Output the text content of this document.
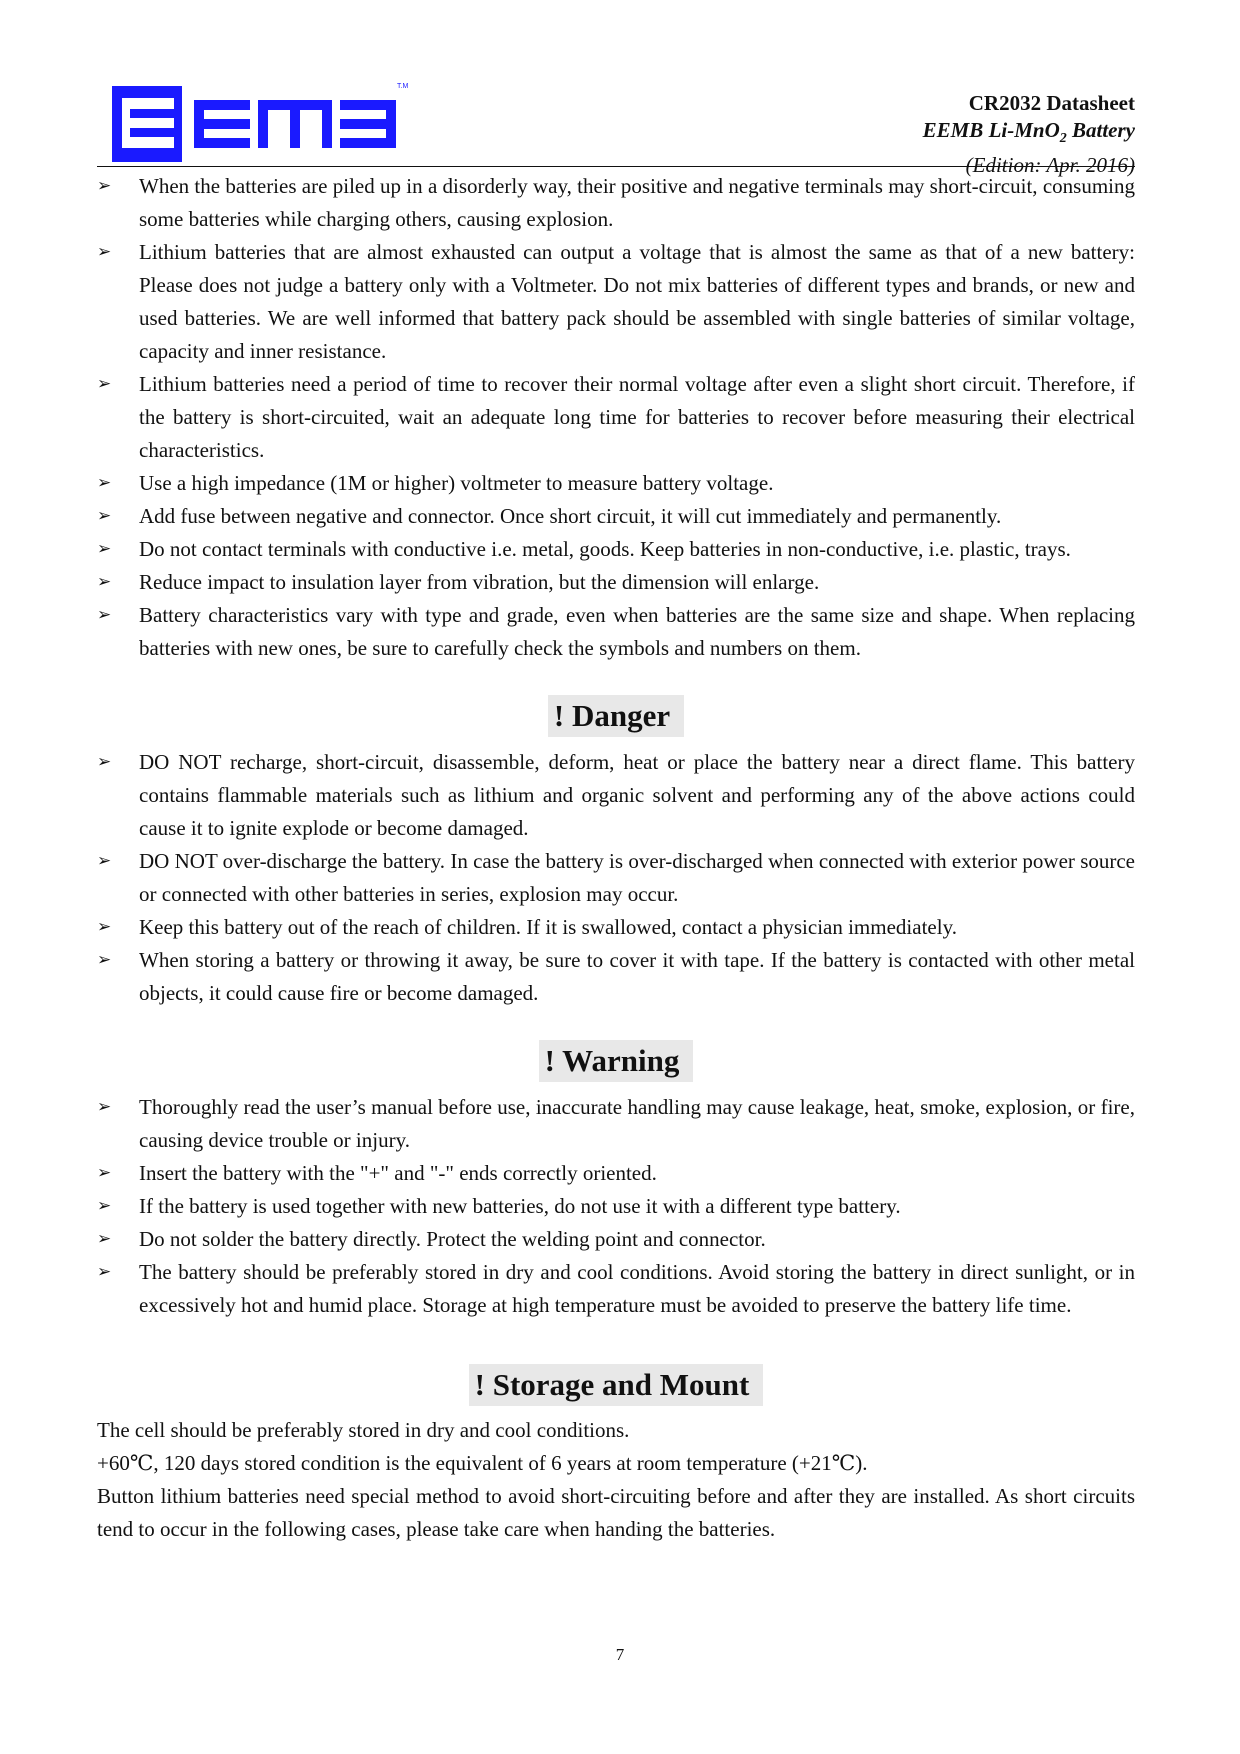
T.M
CR2032 Datasheet
EEMB Li-MnO$_2$ Battery
(Edition: Apr. 2016)
➢ When the batteries are piled up in a disorderly way, their positive and negative terminals may short-circuit, consuming some batteries while charging others, causing explosion.
➢ Lithium batteries that are almost exhausted can output a voltage that is almost the same as that of a new battery: Please does not judge a battery only with a Voltmeter. Do not mix batteries of different types and brands, or new and used batteries. We are well informed that battery pack should be assembled with single batteries of similar voltage, capacity and inner resistance.
➢ Lithium batteries need a period of time to recover their normal voltage after even a slight short circuit. Therefore, if the battery is short-circuited, wait an adequate long time for batteries to recover before measuring their electrical characteristics.
➢ Use a high impedance (1M or higher) voltmeter to measure battery voltage.
➢ Add fuse between negative and connector. Once short circuit, it will cut immediately and permanently.
➢ Do not contact terminals with conductive i.e. metal, goods. Keep batteries in non-conductive, i.e. plastic, trays.
➢ Reduce impact to insulation layer from vibration, but the dimension will enlarge.
➢ Battery characteristics vary with type and grade, even when batteries are the same size and shape. When replacing batteries with new ones, be sure to carefully check the symbols and numbers on them.
! Danger
➢ DO NOT recharge, short-circuit, disassemble, deform, heat or place the battery near a direct flame. This battery contains flammable materials such as lithium and organic solvent and performing any of the above actions could cause it to ignite explode or become damaged.
➢ DO NOT over-discharge the battery. In case the battery is over-discharged when connected with exterior power source or connected with other batteries in series, explosion may occur.
➢ Keep this battery out of the reach of children. If it is swallowed, contact a physician immediately.
➢ When storing a battery or throwing it away, be sure to cover it with tape. If the battery is contacted with other metal objects, it could cause fire or become damaged.
! Warning
➢ Thoroughly read the user’s manual before use, inaccurate handling may cause leakage, heat, smoke, explosion, or fire, causing device trouble or injury.
➢ Insert the battery with the "+" and "-" ends correctly oriented.
➢ If the battery is used together with new batteries, do not use it with a different type battery.
➢ Do not solder the battery directly. Protect the welding point and connector.
➢ The battery should be preferably stored in dry and cool conditions. Avoid storing the battery in direct sunlight, or in excessively hot and humid place. Storage at high temperature must be avoided to preserve the battery life time.
! Storage and Mount

The cell should be preferably stored in dry and cool conditions.

+60℃, 120 days stored condition is the equivalent of 6 years at room temperature (+21℃).

Button lithium batteries need special method to avoid short-circuiting before and after they are installed. As short circuits tend to occur in the following cases, please take care when handing the batteries.

7
